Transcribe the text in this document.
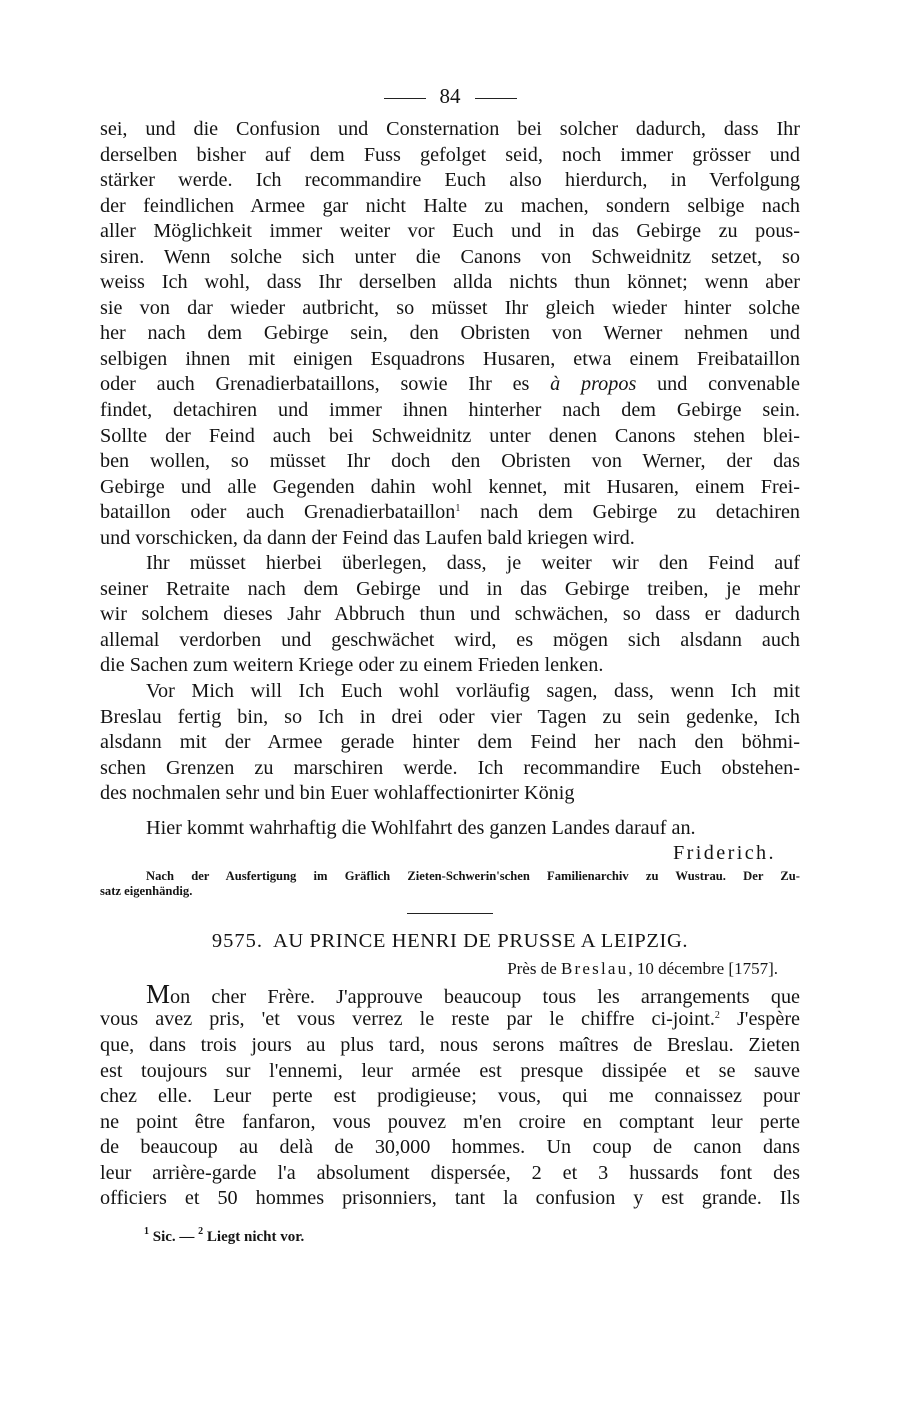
84
sei, und die Confusion und Consternation bei solcher dadurch, dass Ihr
derselben bisher auf dem Fuss gefolget seid, noch immer grösser und
stärker werde. Ich recommandire Euch also hierdurch, in Verfolgung
der feindlichen Armee gar nicht Halte zu machen, sondern selbige nach
aller Möglichkeit immer weiter vor Euch und in das Gebirge zu pous-
siren. Wenn solche sich unter die Canons von Schweidnitz setzet, so
weiss Ich wohl, dass Ihr derselben allda nichts thun könnet; wenn aber
sie von dar wieder autbricht, so müsset Ihr gleich wieder hinter solche
her nach dem Gebirge sein, den Obristen von Werner nehmen und
selbigen ihnen mit einigen Esquadrons Husaren, etwa einem Freibataillon
oder auch Grenadierbataillons, sowie Ihr es à propos und convenable
findet, detachiren und immer ihnen hinterher nach dem Gebirge sein.
Sollte der Feind auch bei Schweidnitz unter denen Canons stehen blei-
ben wollen, so müsset Ihr doch den Obristen von Werner, der das
Gebirge und alle Gegenden dahin wohl kennet, mit Husaren, einem Frei-
bataillon oder auch Grenadierbataillon$^1$ nach dem Gebirge zu detachiren
und vorschicken, da dann der Feind das Laufen bald kriegen wird.
Ihr müsset hierbei überlegen, dass, je weiter wir den Feind auf
seiner Retraite nach dem Gebirge und in das Gebirge treiben, je mehr
wir solchem dieses Jahr Abbruch thun und schwächen, so dass er dadurch
allemal verdorben und geschwächet wird, es mögen sich alsdann auch
die Sachen zum weitern Kriege oder zu einem Frieden lenken.
Vor Mich will Ich Euch wohl vorläufig sagen, dass, wenn Ich mit
Breslau fertig bin, so Ich in drei oder vier Tagen zu sein gedenke, Ich
alsdann mit der Armee gerade hinter dem Feind her nach den böhmi-
schen Grenzen zu marschiren werde. Ich recommandire Euch obstehen-
des nochmalen sehr und bin Euer wohlaffectionirter König
Hier kommt wahrhaftig die Wohlfahrt des ganzen Landes darauf an.
Friderich.
Nach der Ausfertigung im Gräflich Zieten-Schwerin'schen Familienarchiv zu Wustrau. Der Zu-
satz eigenhändig.
9575. AU PRINCE HENRI DE PRUSSE A LEIPZIG.
Près de Breslau, 10 décembre [1757].
Mon cher Frère. J'approuve beaucoup tous les arrangements que
vous avez pris, 'et vous verrez le reste par le chiffre ci-joint.$^2$ J'espère
que, dans trois jours au plus tard, nous serons maîtres de Breslau. Zieten
est toujours sur l'ennemi, leur armée est presque dissipée et se sauve
chez elle. Leur perte est prodigieuse; vous, qui me connaissez pour
ne point être fanfaron, vous pouvez m'en croire en comptant leur perte
de beaucoup au delà de 30,000 hommes. Un coup de canon dans
leur arrière-garde l'a absolument dispersée, 2 et 3 hussards font des
officiers et 50 hommes prisonniers, tant la confusion y est grande. Ils
$^1$ Sic. — $^2$ Liegt nicht vor.
